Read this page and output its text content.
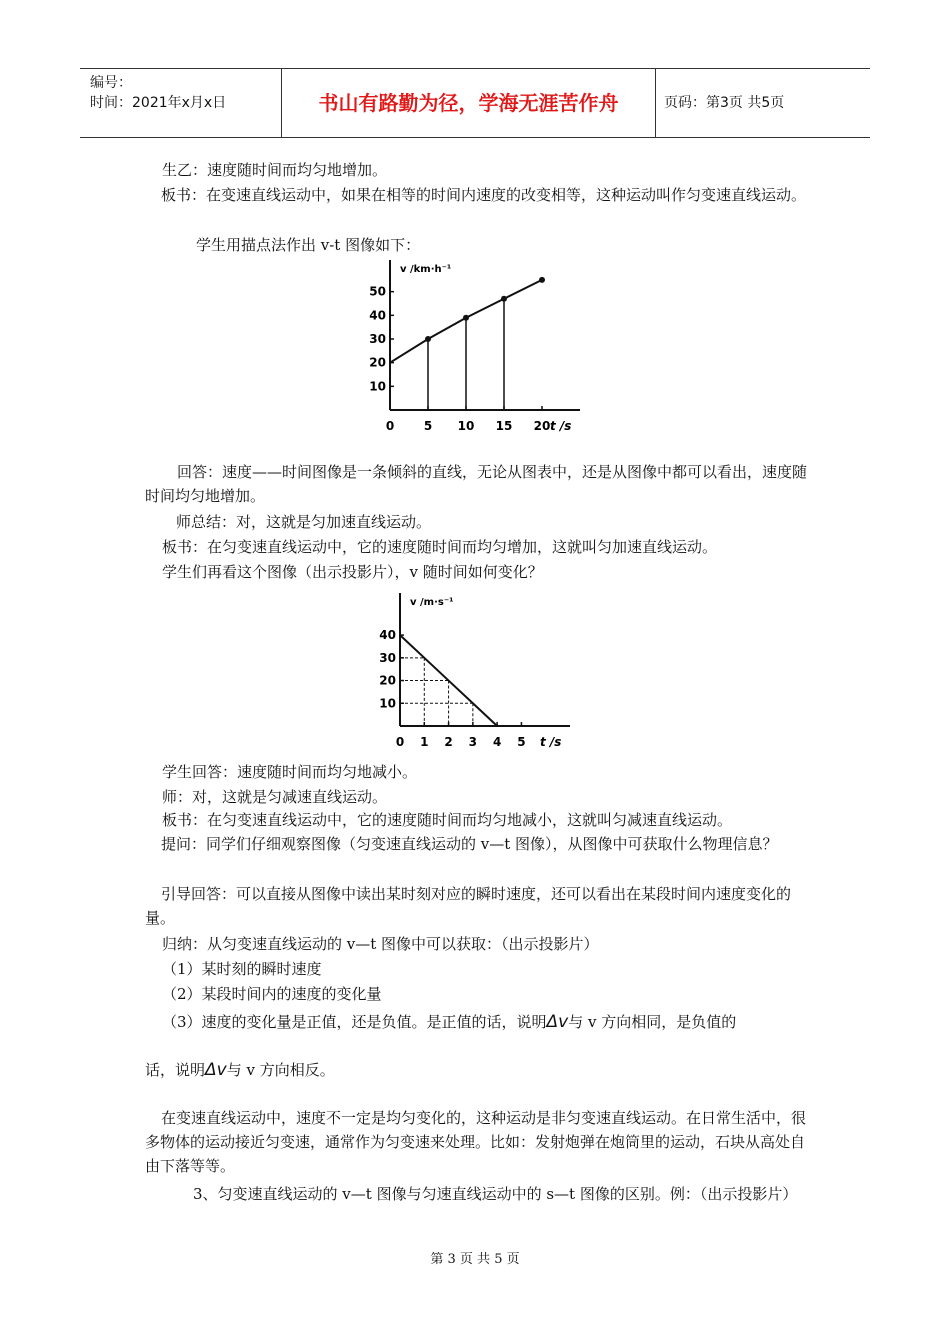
编号：
时间：2021年x月x日	书山有路勤为径，学海无涯苦作舟	页码：第3页 共5页

生乙：速度随时间而均匀地增加。

板书：在变速直线运动中，如果在相等的时间内速度的改变相等，这种运动叫作匀变速直线运动。

学生用描点法作出 v-t 图像如下：

v /km·h⁻¹
t /s
10
20
30
40
50
0 5 10 15 20

回答：速度——时间图像是一条倾斜的直线，无论从图表中，还是从图像中都可以看出，速度随时间均匀地增加。

师总结：对，这就是匀加速直线运动。

板书：在匀变速直线运动中，它的速度随时间而均匀增加，这就叫匀加速直线运动。

学生们再看这个图像（出示投影片），v 随时间如何变化？

v /m·s⁻¹
t /s
10
20
30
40
0 1 2 3 4 5

学生回答：速度随时间而均匀地减小。

师：对，这就是匀减速直线运动。

板书：在匀变速直线运动中，它的速度随时间而均匀地减小，这就叫匀减速直线运动。

提问：同学们仔细观察图像（匀变速直线运动的 v—t 图像），从图像中可获取什么物理信息？

引导回答：可以直接从图像中读出某时刻对应的瞬时速度，还可以看出在某段时间内速度变化的量。

归纳：从匀变速直线运动的 v—t 图像中可以获取：（出示投影片）

（1）某时刻的瞬时速度

（2）某段时间内的速度的变化量

（3）速度的变化量是正值，还是负值。是正值的话，说明Δv与 v 方向相同，是负值的

话，说明Δv与 v 方向相反。

在变速直线运动中，速度不一定是均匀变化的，这种运动是非匀变速直线运动。在日常生活中，很多物体的运动接近匀变速，通常作为匀变速来处理。比如：发射炮弹在炮筒里的运动，石块从高处自由下落等等。

3、匀变速直线运动的 v—t 图像与匀速直线运动中的 s—t 图像的区别。例：（出示投影片）

第 3 页 共 5 页
